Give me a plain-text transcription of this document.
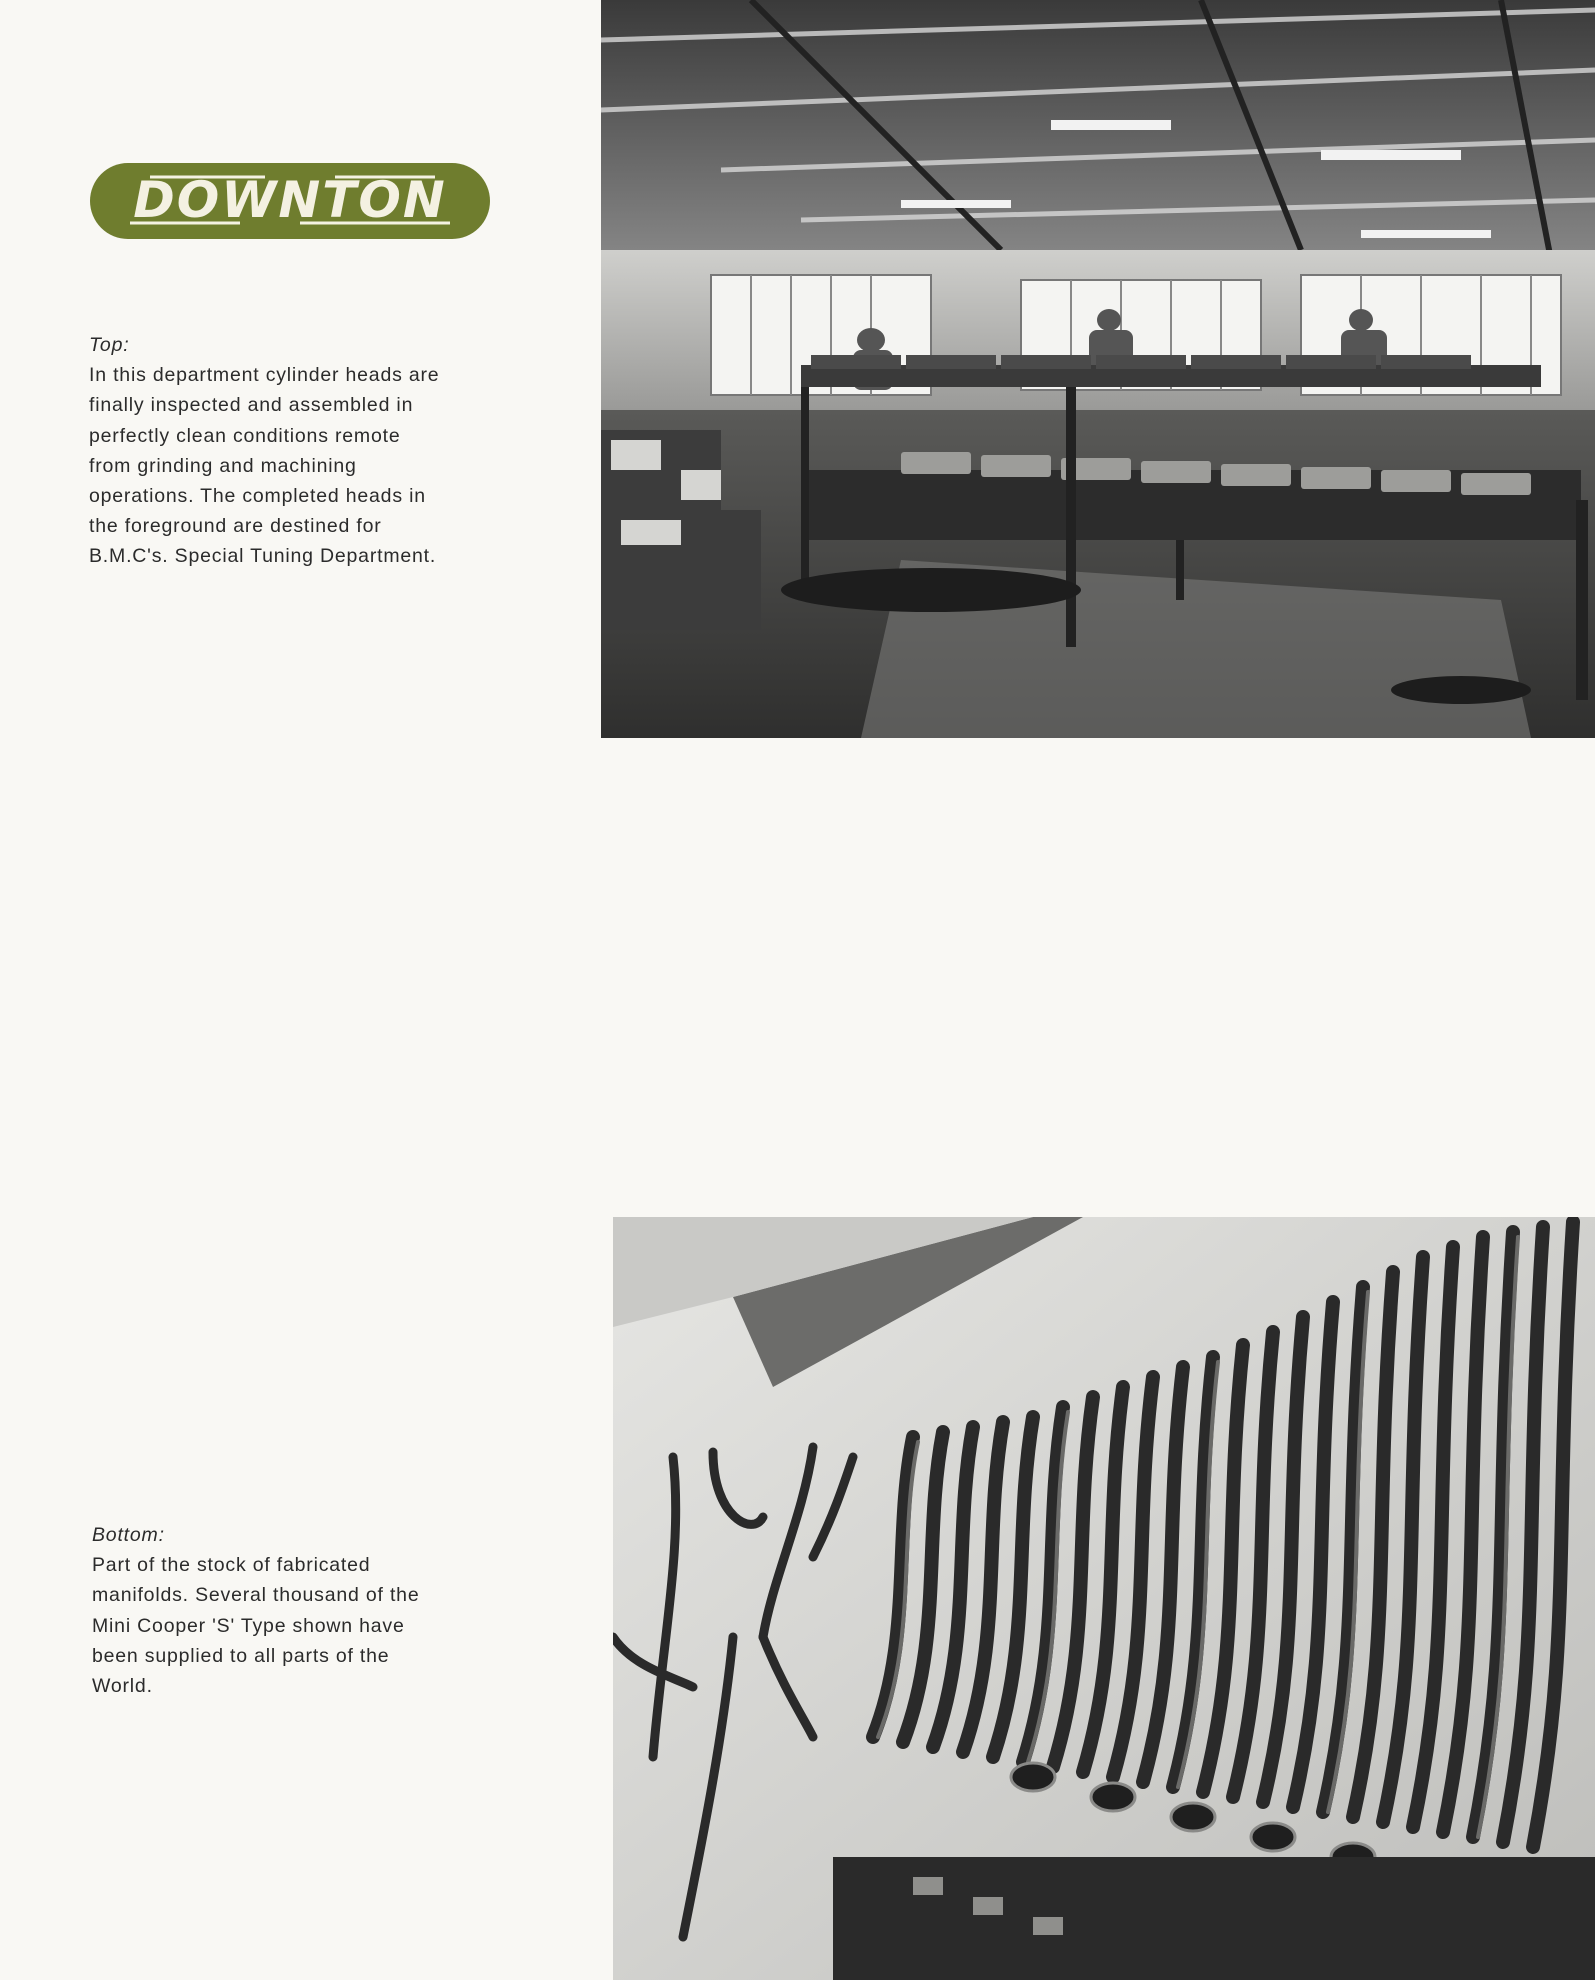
DOWNTON
Top:
In this department cylinder heads are
finally inspected and assembled in
perfectly clean conditions remote
from grinding and machining
operations. The completed heads in
the foreground are destined for
B.M.C's. Special Tuning Department.
Bottom:
Part of the stock of fabricated
manifolds. Several thousand of the
Mini Cooper 'S' Type shown have
been supplied to all parts of the
World.
